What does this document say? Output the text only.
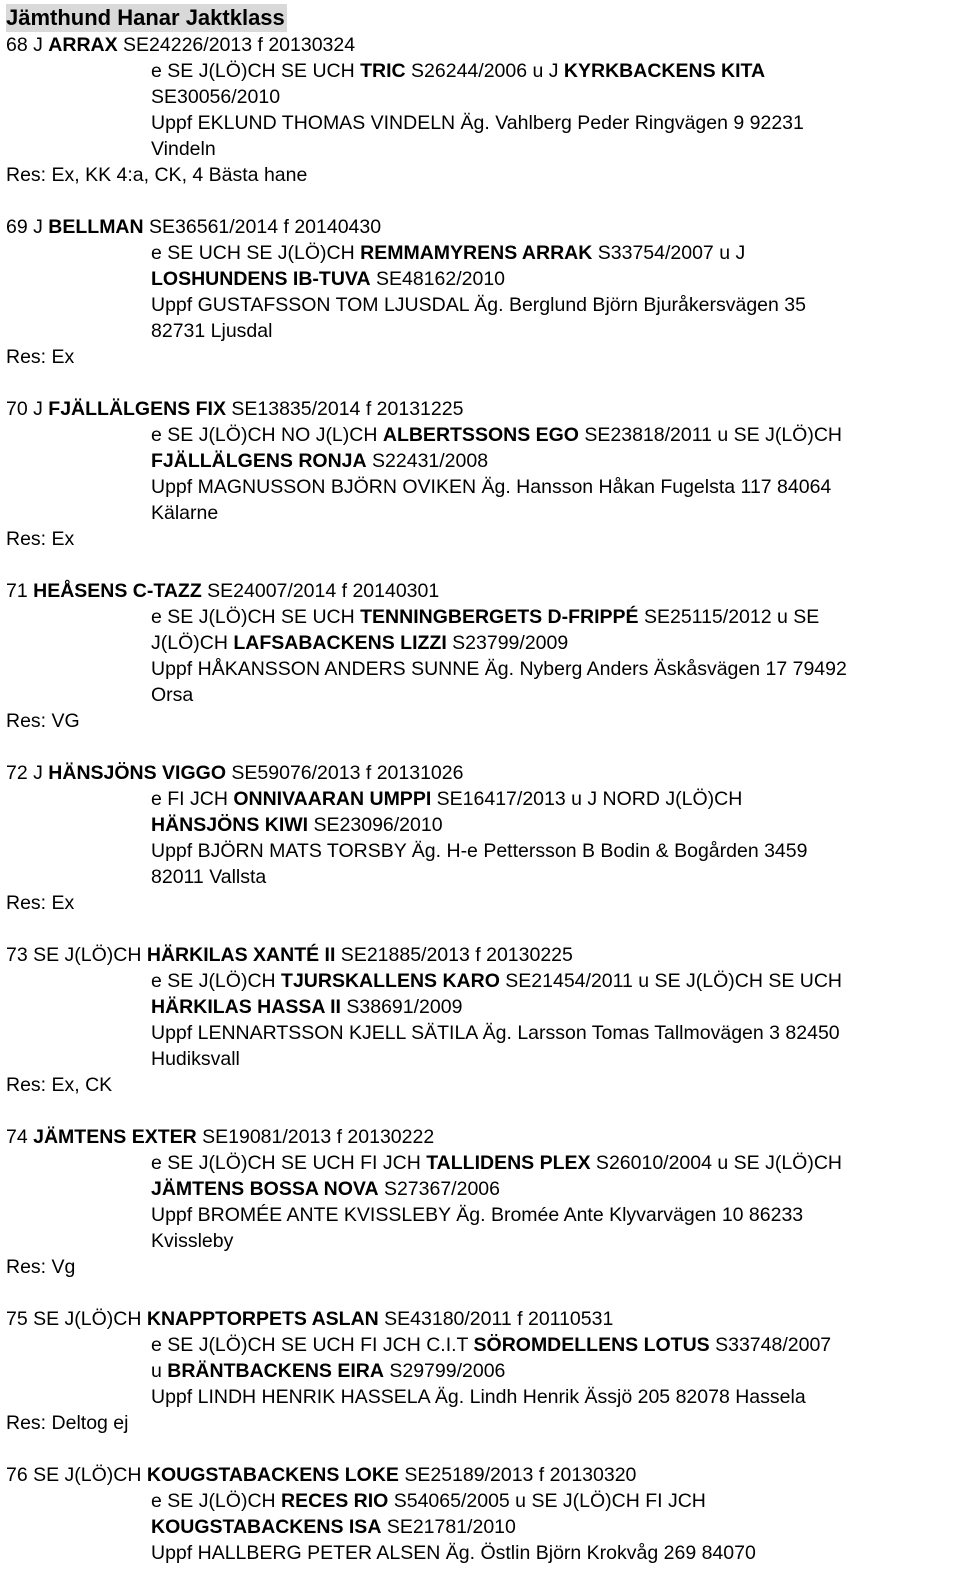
Jämthund Hanar Jaktklass
68 J ARRAX SE24226/2013 f 20130324
e SE J(LÖ)CH SE UCH TRIC S26244/2006 u J KYRKBACKENS KITA
SE30056/2010
Uppf EKLUND THOMAS VINDELN Äg. Vahlberg Peder Ringvägen 9 92231
Vindeln
Res: Ex, KK 4:a, CK, 4 Bästa hane
69 J BELLMAN SE36561/2014 f 20140430
e SE UCH SE J(LÖ)CH REMMAMYRENS ARRAK S33754/2007 u J
LOSHUNDENS IB-TUVA SE48162/2010
Uppf GUSTAFSSON TOM LJUSDAL Äg. Berglund Björn Bjuråkersvägen 35
82731 Ljusdal
Res: Ex
70 J FJÄLLÄLGENS FIX SE13835/2014 f 20131225
e SE J(LÖ)CH NO J(L)CH ALBERTSSONS EGO SE23818/2011 u SE J(LÖ)CH
FJÄLLÄLGENS RONJA S22431/2008
Uppf MAGNUSSON BJÖRN OVIKEN Äg. Hansson Håkan Fugelsta 117 84064
Kälarne
Res: Ex
71 HEÅSENS C-TAZZ SE24007/2014 f 20140301
e SE J(LÖ)CH SE UCH TENNINGBERGETS D-FRIPPÉ SE25115/2012 u SE
J(LÖ)CH LAFSABACKENS LIZZI S23799/2009
Uppf HÅKANSSON ANDERS SUNNE Äg. Nyberg Anders Äskåsvägen 17 79492
Orsa
Res: VG
72 J HÄNSJÖNS VIGGO SE59076/2013 f 20131026
e FI JCH ONNIVAARAN UMPPI SE16417/2013 u J NORD J(LÖ)CH
HÄNSJÖNS KIWI SE23096/2010
Uppf BJÖRN MATS TORSBY Äg. H-e Pettersson B Bodin & Bogården 3459
82011 Vallsta
Res: Ex
73 SE J(LÖ)CH HÄRKILAS XANTÉ II SE21885/2013 f 20130225
e SE J(LÖ)CH TJURSKALLENS KARO SE21454/2011 u SE J(LÖ)CH SE UCH
HÄRKILAS HASSA II S38691/2009
Uppf LENNARTSSON KJELL SÄTILA Äg. Larsson Tomas Tallmovägen 3 82450
Hudiksvall
Res: Ex, CK
74 JÄMTENS EXTER SE19081/2013 f 20130222
e SE J(LÖ)CH SE UCH FI JCH TALLIDENS PLEX S26010/2004 u SE J(LÖ)CH
JÄMTENS BOSSA NOVA S27367/2006
Uppf BROMÉE ANTE KVISSLEBY Äg. Bromée Ante Klyvarvägen 10 86233
Kvissleby
Res: Vg
75 SE J(LÖ)CH KNAPPTORPETS ASLAN SE43180/2011 f 20110531
e SE J(LÖ)CH SE UCH FI JCH C.I.T SÖROMDELLENS LOTUS S33748/2007
u BRÄNTBACKENS EIRA S29799/2006
Uppf LINDH HENRIK HASSELA Äg. Lindh Henrik Ässjö 205 82078 Hassela
Res: Deltog ej
76 SE J(LÖ)CH KOUGSTABACKENS LOKE SE25189/2013 f 20130320
e SE J(LÖ)CH RECES RIO S54065/2005 u SE J(LÖ)CH FI JCH
KOUGSTABACKENS ISA SE21781/2010
Uppf HALLBERG PETER ALSEN Äg. Östlin Björn Krokvåg 269 84070
